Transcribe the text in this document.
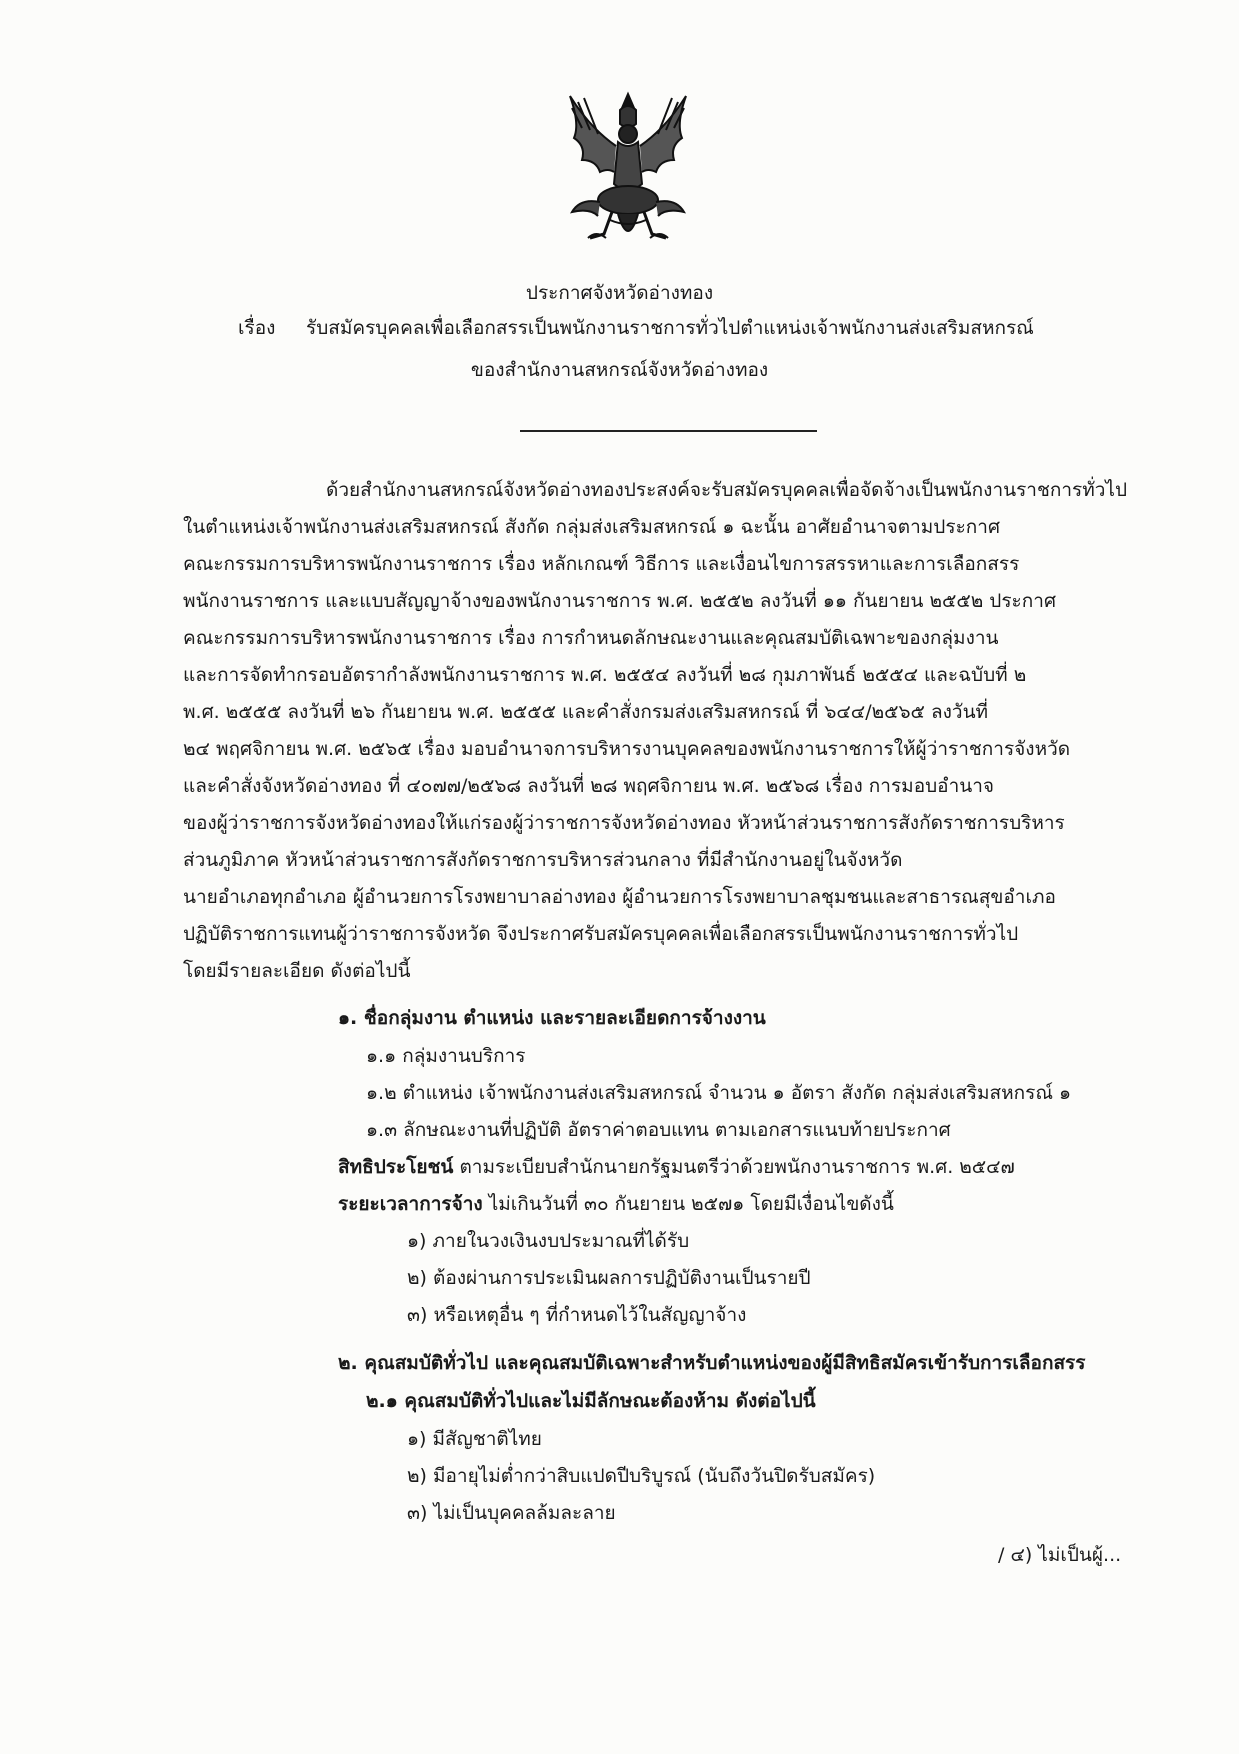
ประกาศจังหวัดอ่างทอง
เรื่อง รับสมัครบุคคลเพื่อเลือกสรรเป็นพนักงานราชการทั่วไปตำแหน่งเจ้าพนักงานส่งเสริมสหกรณ์
ของสำนักงานสหกรณ์จังหวัดอ่างทอง
ด้วยสำนักงานสหกรณ์จังหวัดอ่างทองประสงค์จะรับสมัครบุคคลเพื่อจัดจ้างเป็นพนักงานราชการทั่วไป
ในตำแหน่งเจ้าพนักงานส่งเสริมสหกรณ์ สังกัด กลุ่มส่งเสริมสหกรณ์ ๑ ฉะนั้น อาศัยอำนาจตามประกาศ
คณะกรรมการบริหารพนักงานราชการ เรื่อง หลักเกณฑ์ วิธีการ และเงื่อนไขการสรรหาและการเลือกสรร
พนักงานราชการ และแบบสัญญาจ้างของพนักงานราชการ พ.ศ. ๒๕๕๒ ลงวันที่ ๑๑ กันยายน ๒๕๕๒ ประกาศ
คณะกรรมการบริหารพนักงานราชการ เรื่อง การกำหนดลักษณะงานและคุณสมบัติเฉพาะของกลุ่มงาน
และการจัดทำกรอบอัตรากำลังพนักงานราชการ พ.ศ. ๒๕๕๔ ลงวันที่ ๒๘ กุมภาพันธ์ ๒๕๕๔ และฉบับที่ ๒
พ.ศ. ๒๕๕๕ ลงวันที่ ๒๖ กันยายน พ.ศ. ๒๕๕๕ และคำสั่งกรมส่งเสริมสหกรณ์ ที่ ๖๔๔/๒๕๖๕ ลงวันที่
๒๔ พฤศจิกายน พ.ศ. ๒๕๖๕ เรื่อง มอบอำนาจการบริหารงานบุคคลของพนักงานราชการให้ผู้ว่าราชการจังหวัด
และคำสั่งจังหวัดอ่างทอง ที่ ๔๐๗๗/๒๕๖๘ ลงวันที่ ๒๘ พฤศจิกายน พ.ศ. ๒๕๖๘ เรื่อง การมอบอำนาจ
ของผู้ว่าราชการจังหวัดอ่างทองให้แก่รองผู้ว่าราชการจังหวัดอ่างทอง หัวหน้าส่วนราชการสังกัดราชการบริหาร
ส่วนภูมิภาค หัวหน้าส่วนราชการสังกัดราชการบริหารส่วนกลาง ที่มีสำนักงานอยู่ในจังหวัด
นายอำเภอทุกอำเภอ ผู้อำนวยการโรงพยาบาลอ่างทอง ผู้อำนวยการโรงพยาบาลชุมชนและสาธารณสุขอำเภอ
ปฏิบัติราชการแทนผู้ว่าราชการจังหวัด จึงประกาศรับสมัครบุคคลเพื่อเลือกสรรเป็นพนักงานราชการทั่วไป
โดยมีรายละเอียด ดังต่อไปนี้
๑. ชื่อกลุ่มงาน ตำแหน่ง และรายละเอียดการจ้างงาน
๑.๑ กลุ่มงานบริการ
๑.๒ ตำแหน่ง เจ้าพนักงานส่งเสริมสหกรณ์ จำนวน ๑ อัตรา สังกัด กลุ่มส่งเสริมสหกรณ์ ๑
๑.๓ ลักษณะงานที่ปฏิบัติ อัตราค่าตอบแทน ตามเอกสารแนบท้ายประกาศ
สิทธิประโยชน์ ตามระเบียบสำนักนายกรัฐมนตรีว่าด้วยพนักงานราชการ พ.ศ. ๒๕๔๗
ระยะเวลาการจ้าง ไม่เกินวันที่ ๓๐ กันยายน ๒๕๗๑ โดยมีเงื่อนไขดังนี้
๑) ภายในวงเงินงบประมาณที่ได้รับ
๒) ต้องผ่านการประเมินผลการปฏิบัติงานเป็นรายปี
๓) หรือเหตุอื่น ๆ ที่กำหนดไว้ในสัญญาจ้าง
๒. คุณสมบัติทั่วไป และคุณสมบัติเฉพาะสำหรับตำแหน่งของผู้มีสิทธิสมัครเข้ารับการเลือกสรร
๒.๑ คุณสมบัติทั่วไปและไม่มีลักษณะต้องห้าม ดังต่อไปนี้
๑) มีสัญชาติไทย
๒) มีอายุไม่ต่ำกว่าสิบแปดปีบริบูรณ์ (นับถึงวันปิดรับสมัคร)
๓) ไม่เป็นบุคคลล้มละลาย
/ ๔) ไม่เป็นผู้...
